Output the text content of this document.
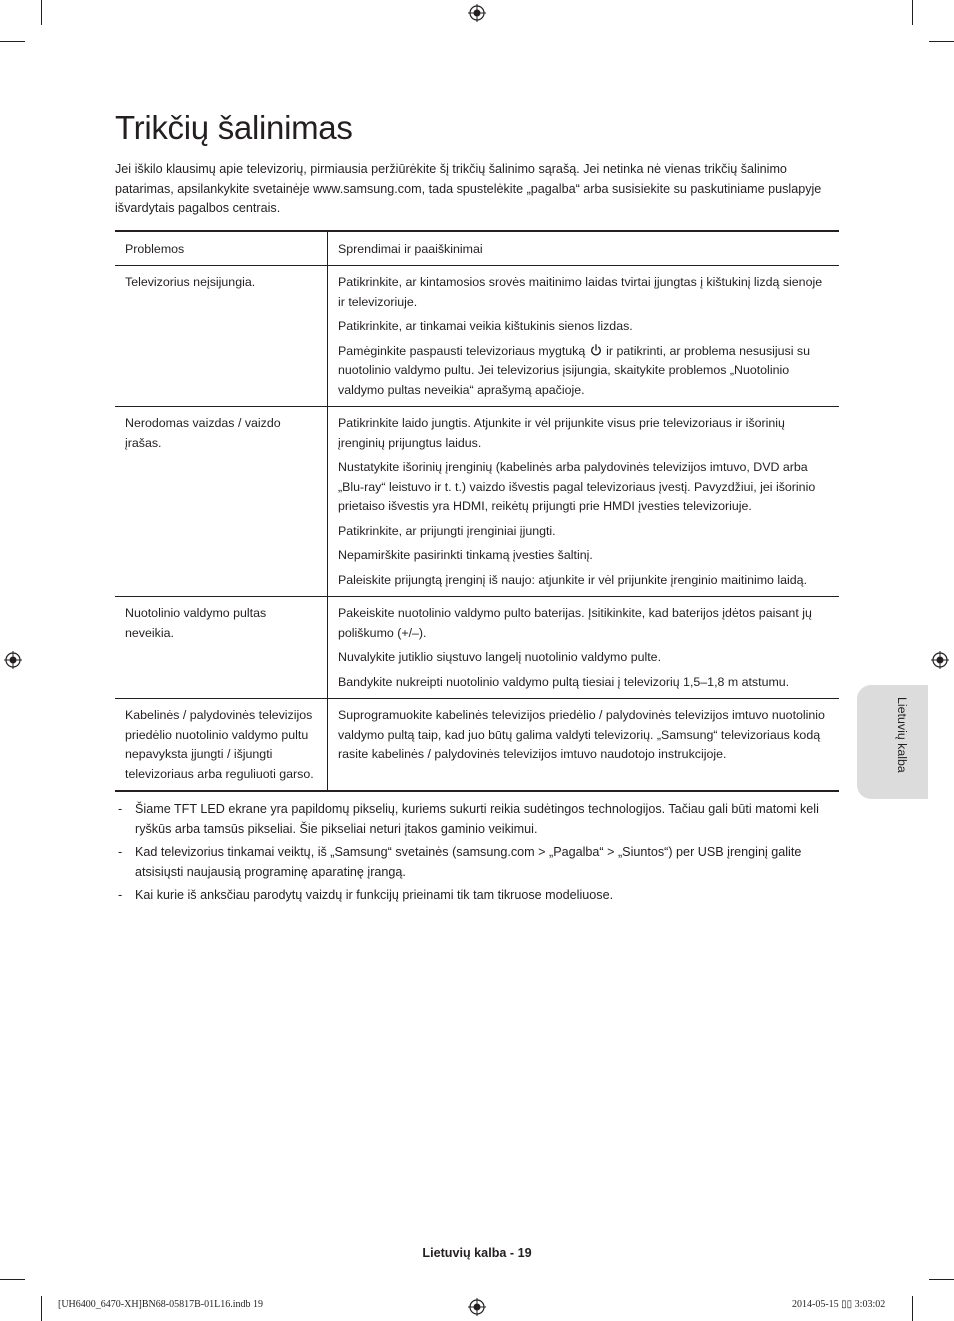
Trikčių šalinimas
Jei iškilo klausimų apie televizorių, pirmiausia peržiūrėkite šį trikčių šalinimo sąrašą. Jei netinka nė vienas trikčių šalinimo patarimas, apsilankykite svetainėje www.samsung.com, tada spustelėkite „pagalba“ arba susisiekite su paskutiniame puslapyje išvardytais pagalbos centrais.
Problemos	Sprendimai ir paaiškinimai
Televizorius neįsijungia.	Patikrinkite, ar kintamosios srovės maitinimo laidas tvirtai įjungtas į kištukinį lizdą sienoje ir televizoriuje.

Patikrinkite, ar tinkamai veikia kištukinis sienos lizdas.

Pamėginkite paspausti televizoriaus mygtuką ir patikrinti, ar problema nesusijusi su nuotolinio valdymo pultu. Jei televizorius įsijungia, skaitykite problemos „Nuotolinio valdymo pultas neveikia“ aprašymą apačioje.

Nerodomas vaizdas / vaizdo įrašas.	Patikrinkite laido jungtis. Atjunkite ir vėl prijunkite visus prie televizoriaus ir išorinių įrenginių prijungtus laidus.

Nustatykite išorinių įrenginių (kabelinės arba palydovinės televizijos imtuvo, DVD arba „Blu-ray“ leistuvo ir t. t.) vaizdo išvestis pagal televizoriaus įvestį. Pavyzdžiui, jei išorinio prietaiso išvestis yra HDMI, reikėtų prijungti prie HMDI įvesties televizoriuje.

Patikrinkite, ar prijungti įrenginiai įjungti.

Nepamirškite pasirinkti tinkamą įvesties šaltinį.

Paleiskite prijungtą įrenginį iš naujo: atjunkite ir vėl prijunkite įrenginio maitinimo laidą.

Nuotolinio valdymo pultas neveikia.	Pakeiskite nuotolinio valdymo pulto baterijas. Įsitikinkite, kad baterijos įdėtos paisant jų poliškumo (+/–).

Nuvalykite jutiklio siųstuvo langelį nuotolinio valdymo pulte.

Bandykite nukreipti nuotolinio valdymo pultą tiesiai į televizorių 1,5–1,8 m atstumu.

Kabelinės / palydovinės televizijos priedėlio nuotolinio valdymo pultu nepavyksta įjungti / išjungti televizoriaus arba reguliuoti garso.	Suprogramuokite kabelinės televizijos priedėlio / palydovinės televizijos imtuvo nuotolinio valdymo pultą taip, kad juo būtų galima valdyti televizorių. „Samsung“ televizoriaus kodą rasite kabelinės / palydovinės televizijos imtuvo naudotojo instrukcijoje.

- Šiame TFT LED ekrane yra papildomų pikselių, kuriems sukurti reikia sudėtingos technologijos. Tačiau gali būti matomi keli ryškūs arba tamsūs pikseliai. Šie pikseliai neturi įtakos gaminio veikimui.
- Kad televizorius tinkamai veiktų, iš „Samsung“ svetainės (samsung.com > „Pagalba“ > „Siuntos“) per USB įrenginį galite atsisiųsti naujausią programinę aparatinę įrangą.
- Kai kurie iš anksčiau parodytų vaizdų ir funkcijų prieinami tik tam tikruose modeliuose.
Lietuvių kalba
Lietuvių kalba - 19
[UH6400_6470-XH]BN68-05817B-01L16.indb 19	2014-05-15 ▯▯ 3:03:02
